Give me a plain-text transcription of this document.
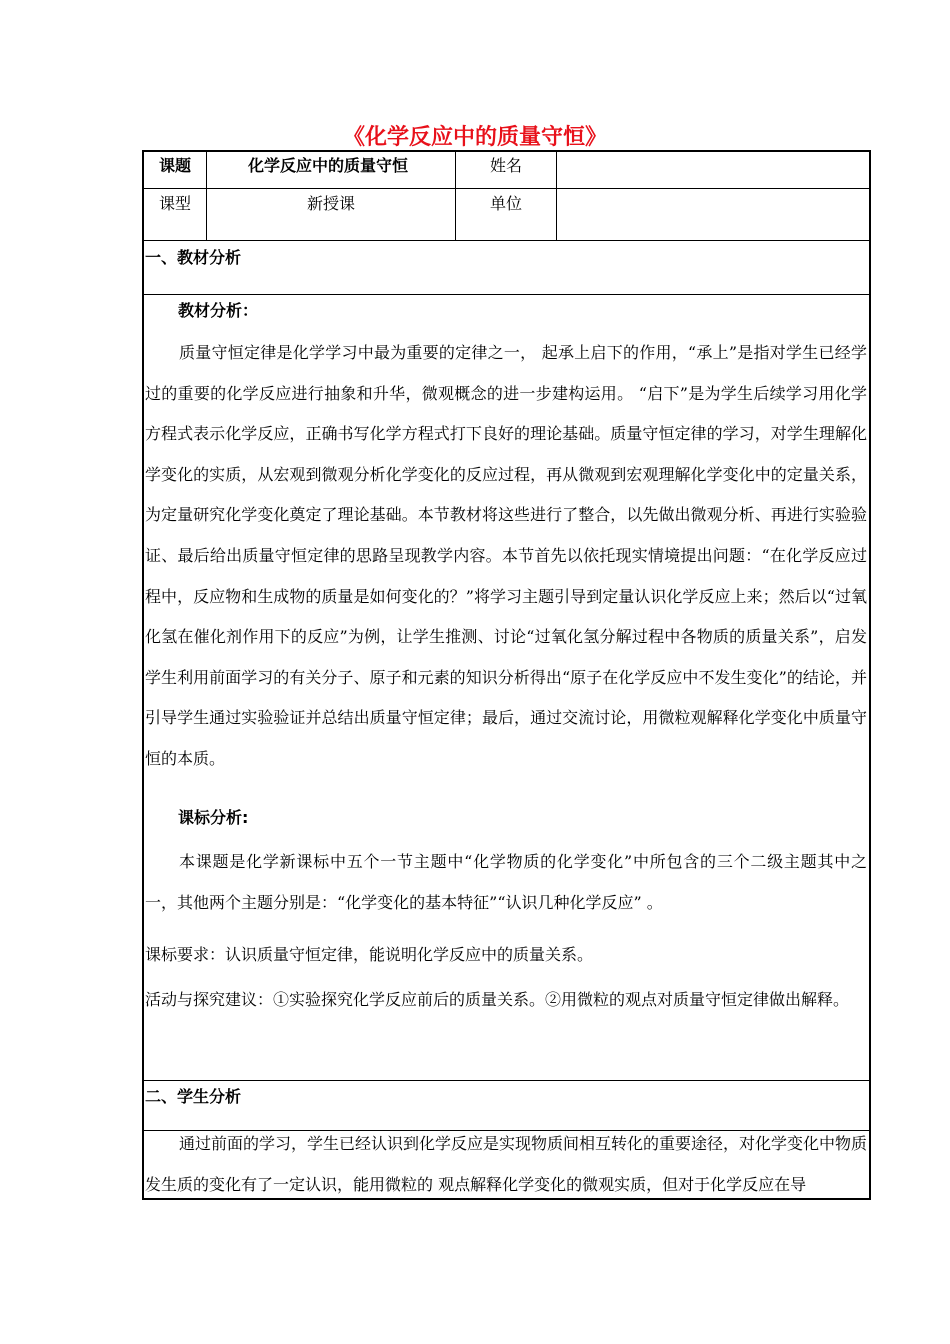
《化学反应中的质量守恒》
课题	化学反应中的质量守恒	姓名
课型	新授课	单位
一、教材分析
教材分析：
质量守恒定律是化学学习中最为重要的定律之一， 起承上启下的作用，“承上”是指对学生已经学过的重要的化学反应进行抽象和升华，微观概念的进一步建构运用。 “启下”是为学生后续学习用化学方程式表示化学反应，正确书写化学方程式打下良好的理论基础。质量守恒定律的学习，对学生理解化学变化的实质，从宏观到微观分析化学变化的反应过程，再从微观到宏观理解化学变化中的定量关系，为定量研究化学变化奠定了理论基础。本节教材将这些进行了整合，以先做出微观分析、再进行实验验证、最后给出质量守恒定律的思路呈现教学内容。本节首先以依托现实情境提出问题：“在化学反应过程中，反应物和生成物的质量是如何变化的？”将学习主题引导到定量认识化学反应上来；然后以“过氧化氢在催化剂作用下的反应”为例，让学生推测、讨论“过氧化氢分解过程中各物质的质量关系”，启发学生利用前面学习的有关分子、原子和元素的知识分析得出“原子在化学反应中不发生变化”的结论，并引导学生通过实验验证并总结出质量守恒定律；最后，通过交流讨论，用微粒观解释化学变化中质量守恒的本质。
课标分析:
本课题是化学新课标中五个一节主题中“化学物质的化学变化”中所包含的三个二级主题其中之一，其他两个主题分别是：“化学变化的基本特征”“认识几种化学反应” 。
课标要求：认识质量守恒定律，能说明化学反应中的质量关系。
活动与探究建议：①实验探究化学反应前后的质量关系。②用微粒的观点对质量守恒定律做出解释。
二、学生分析
通过前面的学习，学生已经认识到化学反应是实现物质间相互转化的重要途径，对化学变化中物质发生质的变化有了一定认识，能用微粒的 观点解释化学变化的微观实质，但对于化学反应在导
